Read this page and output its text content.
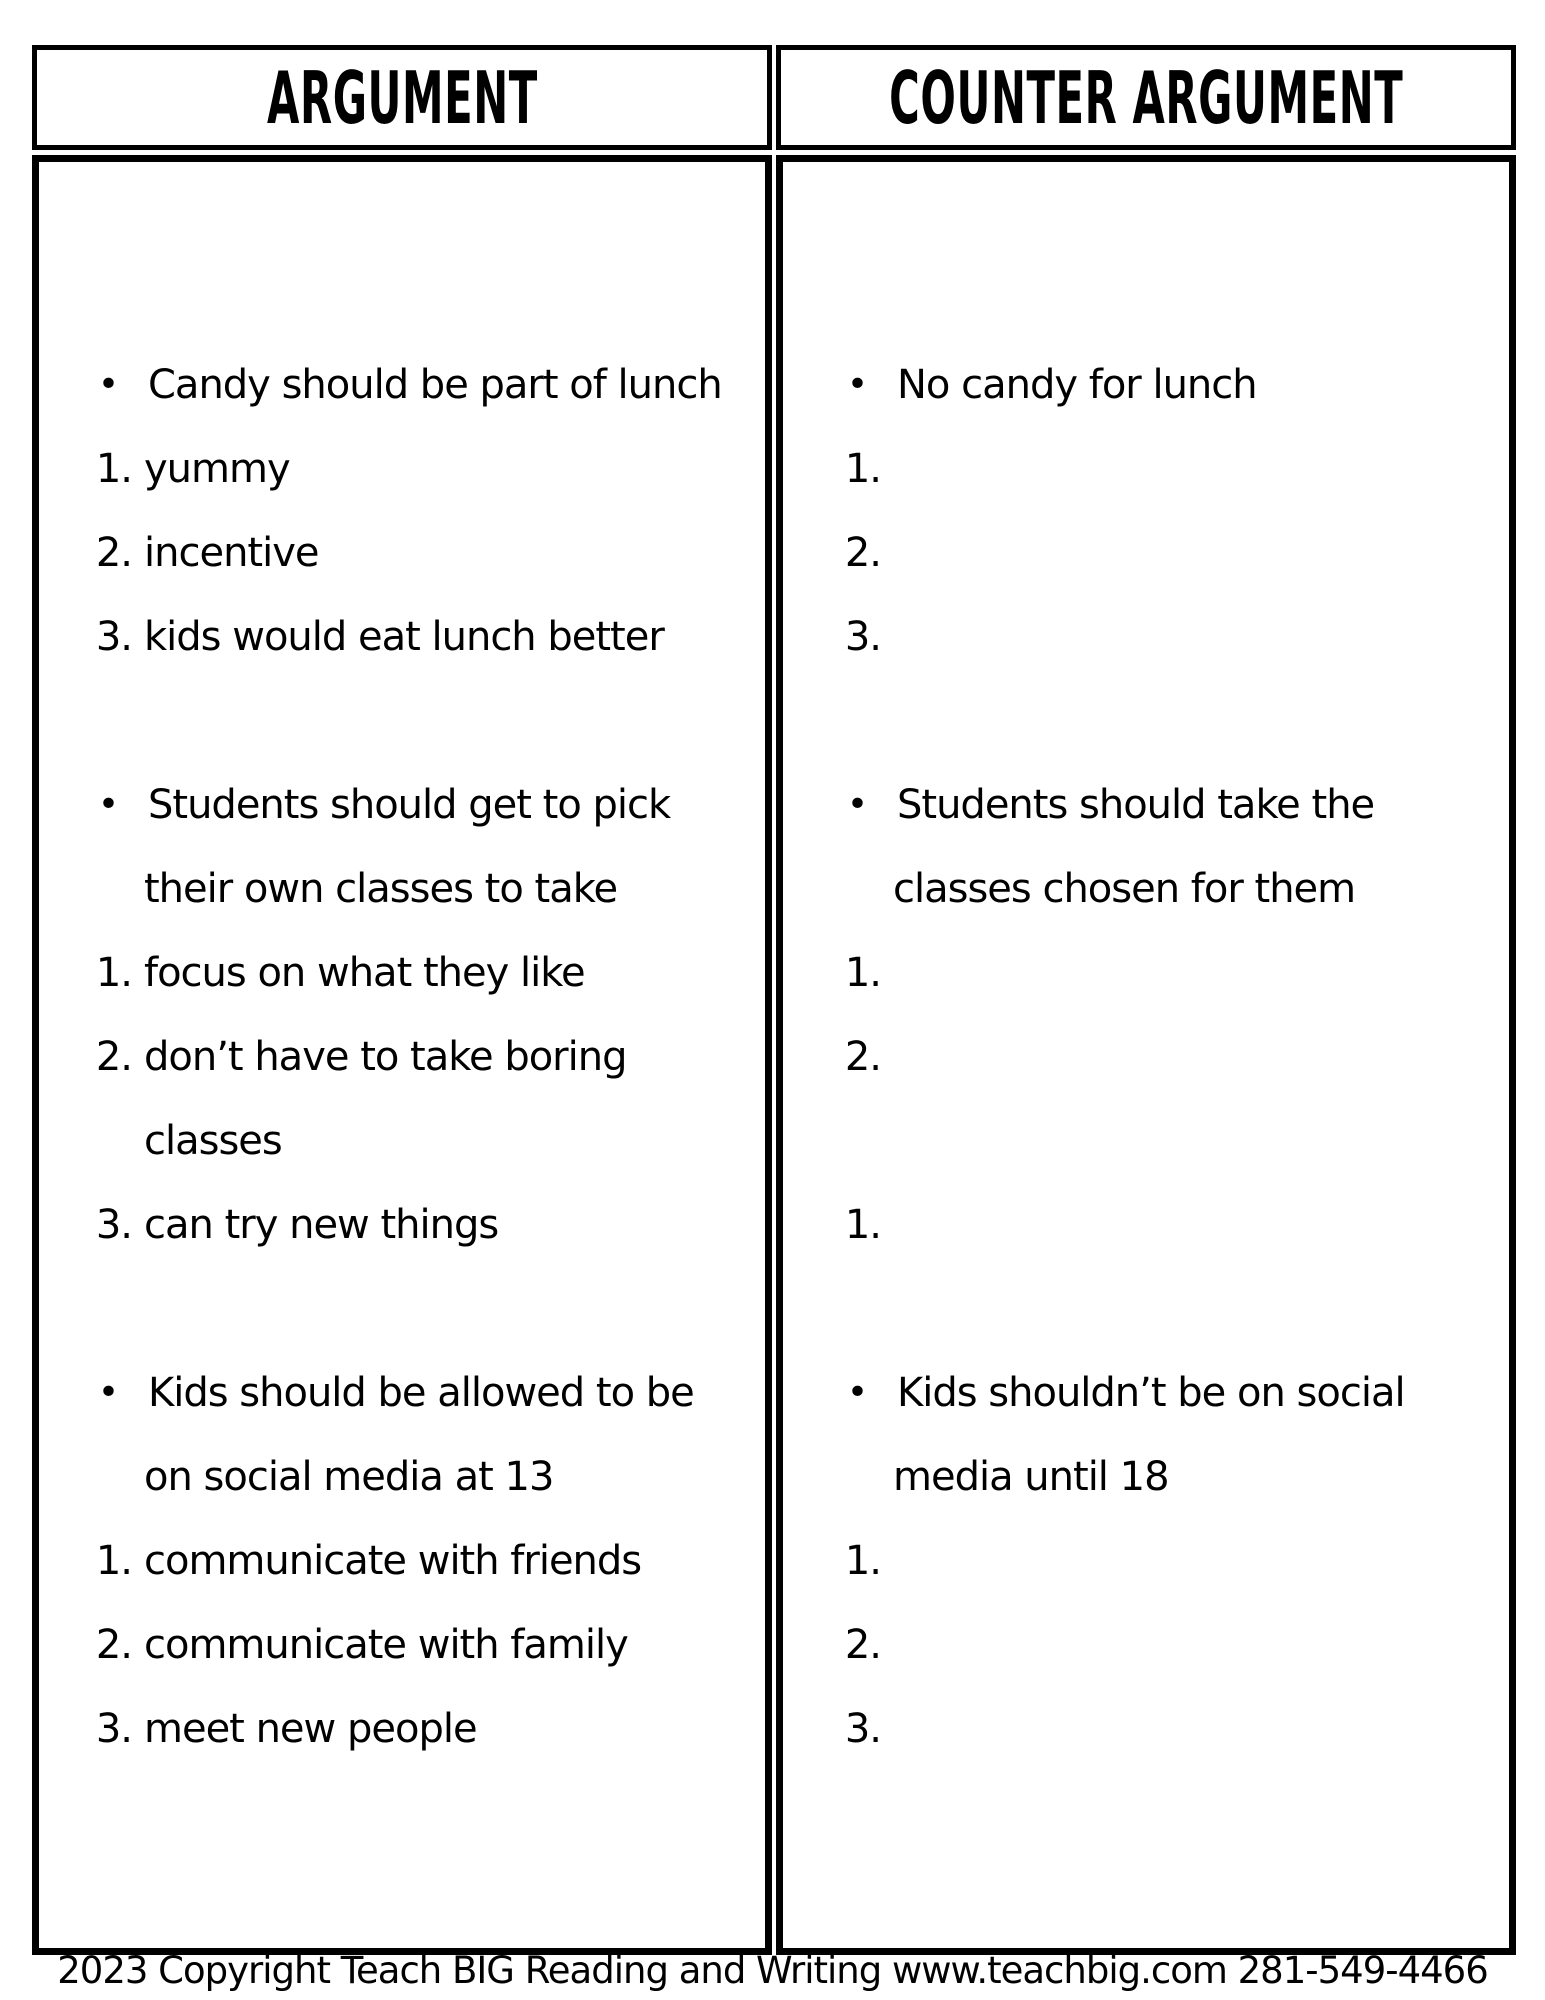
ARGUMENT	COUNTER ARGUMENT
• Candy should be part of lunch
1. yummy
2. incentive
3. kids would eat lunch better
• Students should get to pick
their own classes to take
1. focus on what they like
2. don’t have to take boring
classes
3. can try new things
• Kids should be allowed to be
on social media at 13
1. communicate with friends
2. communicate with family
3. meet new people
• No candy for lunch
1.
2.
3.
• Students should take the
classes chosen for them
1.
2.
1.
• Kids shouldn’t be on social
media until 18
1.
2.
3.
2023 Copyright Teach BIG Reading and Writing www.teachbig.com 281-549-4466
